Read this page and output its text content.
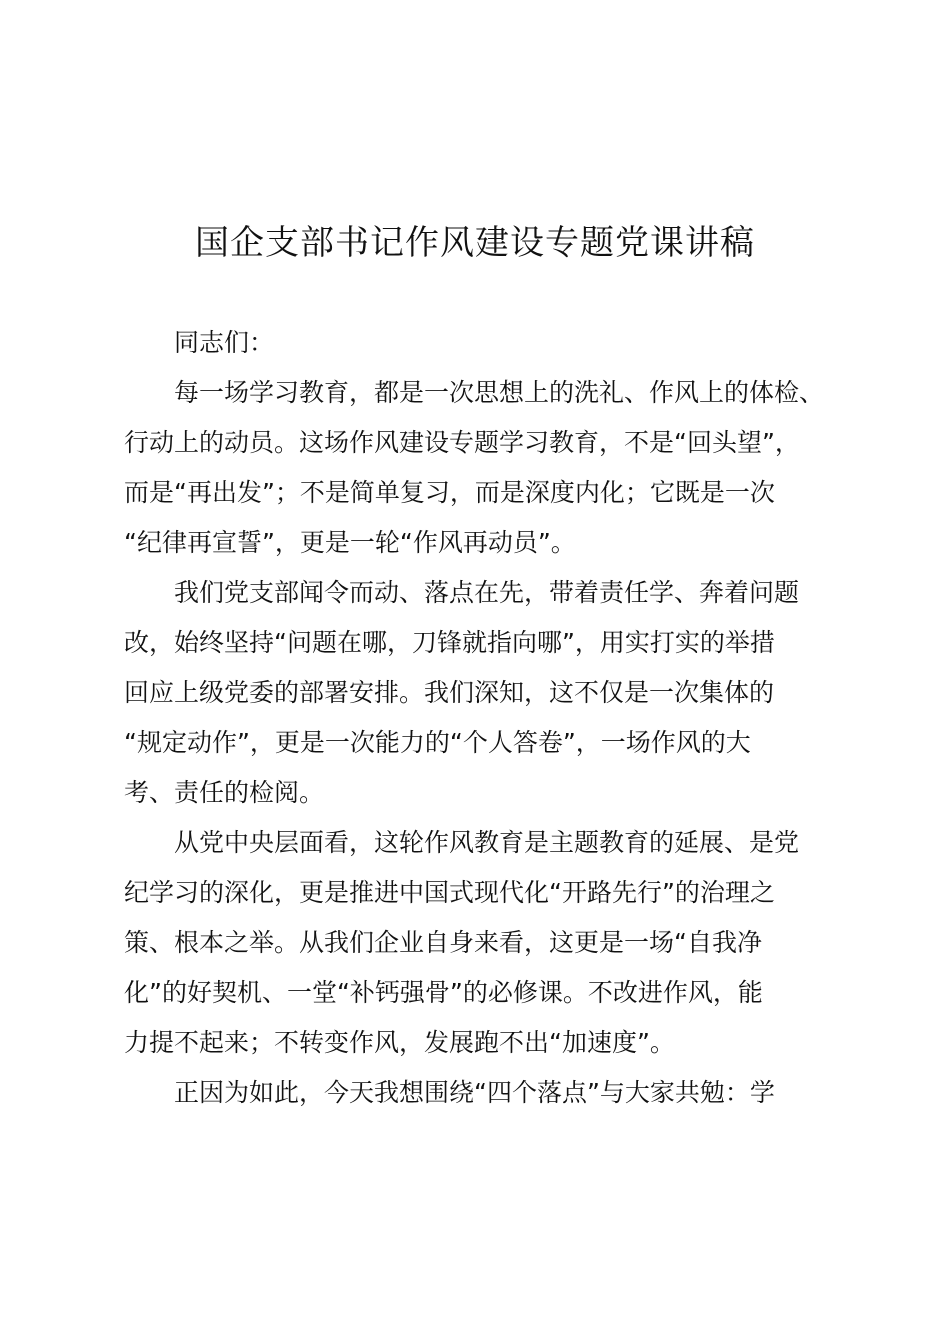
国企支部书记作风建设专题党课讲稿
同志们：
每一场学习教育，都是一次思想上的洗礼、作风上的体检、
行动上的动员。这场作风建设专题学习教育，不是“回头望”，
而是“再出发”；不是简单复习，而是深度内化；它既是一次
“纪律再宣誓”，更是一轮“作风再动员”。
我们党支部闻令而动、落点在先，带着责任学、奔着问题
改，始终坚持“问题在哪，刀锋就指向哪”，用实打实的举措
回应上级党委的部署安排。我们深知，这不仅是一次集体的
“规定动作”，更是一次能力的“个人答卷”，一场作风的大
考、责任的检阅。
从党中央层面看，这轮作风教育是主题教育的延展、是党
纪学习的深化，更是推进中国式现代化“开路先行”的治理之
策、根本之举。从我们企业自身来看，这更是一场“自我净
化”的好契机、一堂“补钙强骨”的必修课。不改进作风，能
力提不起来；不转变作风，发展跑不出“加速度”。
正因为如此，今天我想围绕“四个落点”与大家共勉：学
